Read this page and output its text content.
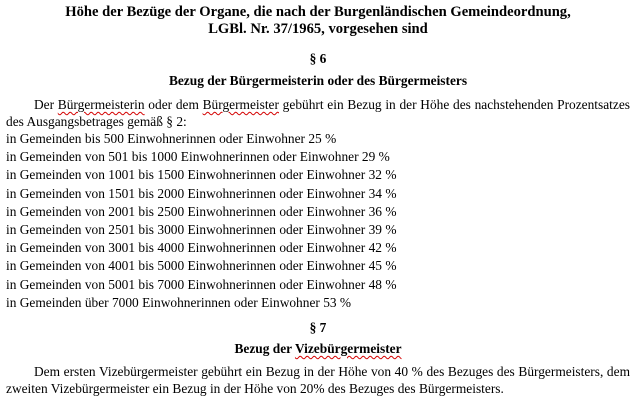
Höhe der Bezüge der Organe, die nach der Burgenländischen Gemeindeordnung,
LGBl. Nr. 37/1965, vorgesehen sind
§ 6
Bezug der Bürgermeisterin oder des Bürgermeisters
Der Bürgermeisterin oder dem Bürgermeister gebührt ein Bezug in der Höhe des nachstehenden Prozentsatzes des Ausgangsbetrages gemäß § 2:
in Gemeinden bis 500 Einwohnerinnen oder Einwohner 25 %
in Gemeinden von 501 bis 1000 Einwohnerinnen oder Einwohner 29 %
in Gemeinden von 1001 bis 1500 Einwohnerinnen oder Einwohner 32 %
in Gemeinden von 1501 bis 2000 Einwohnerinnen oder Einwohner 34 %
in Gemeinden von 2001 bis 2500 Einwohnerinnen oder Einwohner 36 %
in Gemeinden von 2501 bis 3000 Einwohnerinnen oder Einwohner 39 %
in Gemeinden von 3001 bis 4000 Einwohnerinnen oder Einwohner 42 %
in Gemeinden von 4001 bis 5000 Einwohnerinnen oder Einwohner 45 %
in Gemeinden von 5001 bis 7000 Einwohnerinnen oder Einwohner 48 %
in Gemeinden über 7000 Einwohnerinnen oder Einwohner 53 %
§ 7
Bezug der Vizebürgermeister
Dem ersten Vizebürgermeister gebührt ein Bezug in der Höhe von 40 % des Bezuges des Bürgermeisters, dem zweiten Vizebürgermeister ein Bezug in der Höhe von 20% des Bezuges des Bürgermeisters.
